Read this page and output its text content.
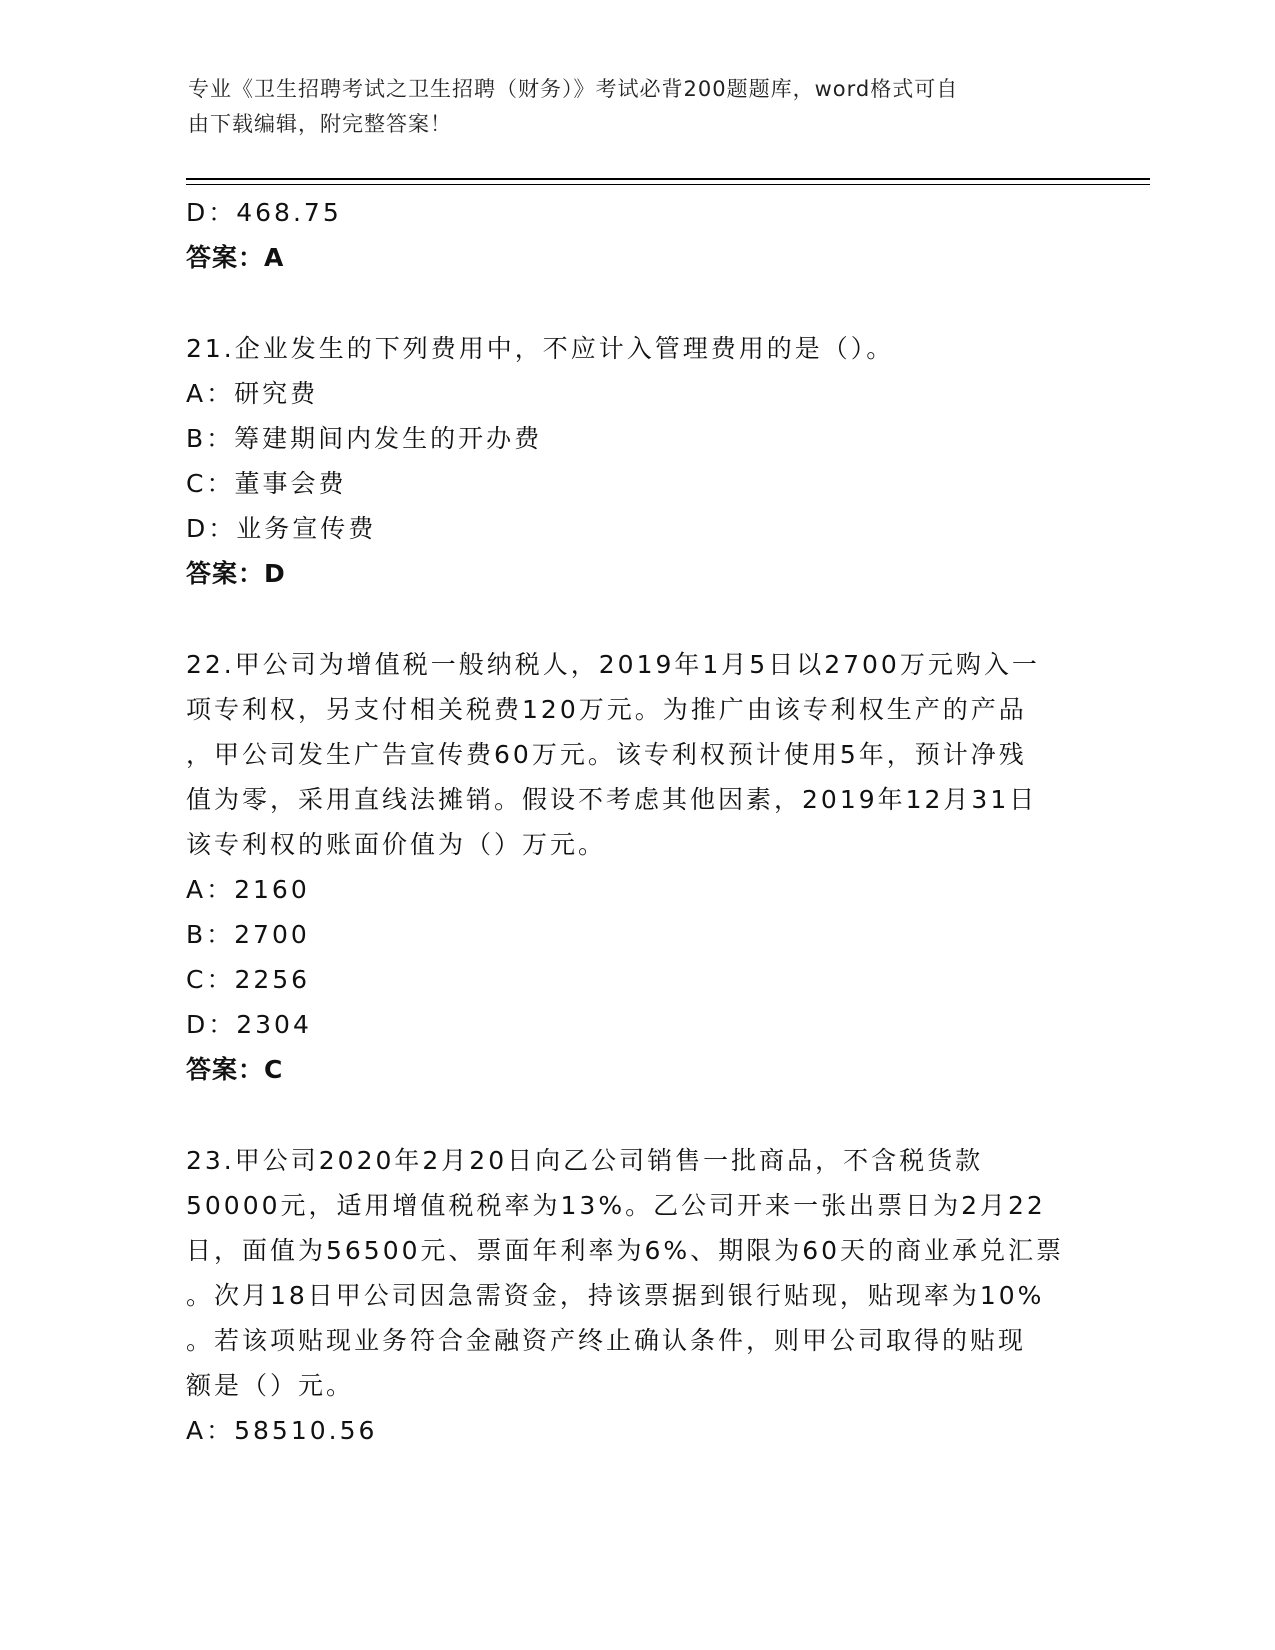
专业《卫生招聘考试之卫生招聘（财务）》考试必背200题题库，word格式可自
由下载编辑，附完整答案！
D：468.75
答案：A
21.企业发生的下列费用中，不应计入管理费用的是（）。
A：研究费
B：筹建期间内发生的开办费
C：董事会费
D：业务宣传费
答案：D
22.甲公司为增值税一般纳税人，2019年1月5日以2700万元购入一
项专利权，另支付相关税费120万元。为推广由该专利权生产的产品
，甲公司发生广告宣传费60万元。该专利权预计使用5年，预计净残
值为零，采用直线法摊销。假设不考虑其他因素，2019年12月31日
该专利权的账面价值为（）万元。
A：2160
B：2700
C：2256
D：2304
答案：C
23.甲公司2020年2月20日向乙公司销售一批商品，不含税货款
50000元，适用增值税税率为13%。乙公司开来一张出票日为2月22
日，面值为56500元、票面年利率为6%、期限为60天的商业承兑汇票
。次月18日甲公司因急需资金，持该票据到银行贴现，贴现率为10%
。若该项贴现业务符合金融资产终止确认条件，则甲公司取得的贴现
额是（）元。
A：58510.56
